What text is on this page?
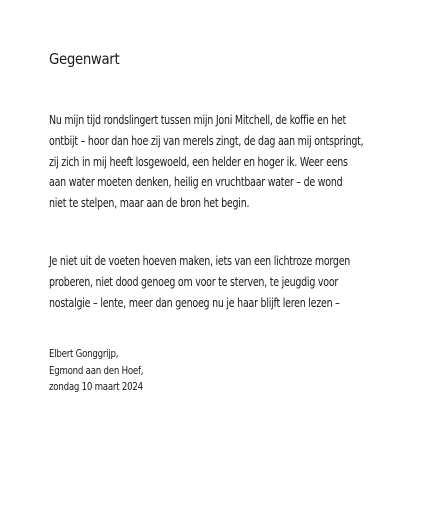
Gegenwart

Nu mijn tijd rondslingert tussen mijn Joni Mitchell, de koffie en het
ontbijt – hoor dan hoe zij van merels zingt, de dag aan mij ontspringt,
zij zich in mij heeft losgewoeld, een helder en hoger ik. Weer eens
aan water moeten denken, heilig en vruchtbaar water – de wond
niet te stelpen, maar aan de bron het begin.

Je niet uit de voeten hoeven maken, iets van een lichtroze morgen
proberen, niet dood genoeg om voor te sterven, te jeugdig voor
nostalgie – lente, meer dan genoeg nu je haar blijft leren lezen –

Elbert Gonggrijp,
Egmond aan den Hoef,
zondag 10 maart 2024
